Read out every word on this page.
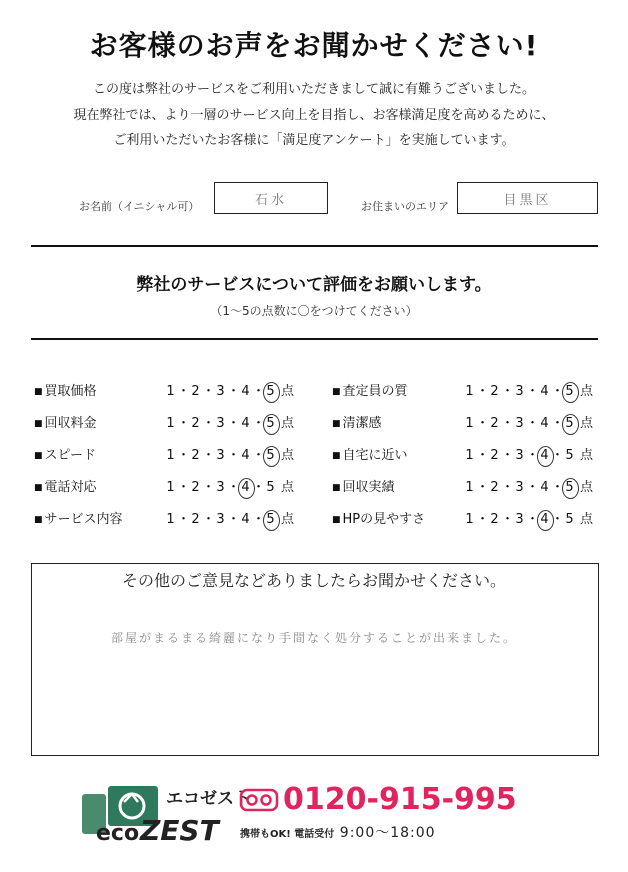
お客様のお声をお聞かせください!
この度は弊社のサービスをご利用いただきまして誠に有難うございました。
現在弊社では、より一層のサービス向上を目指し、お客様満足度を高めるために、
ご利用いただいたお客様に「満足度アンケート」を実施しています。
お名前（イニシャル可）	石水	お住まいのエリア	目黒区
弊社のサービスについて評価をお願いします。
（1〜5の点数に〇をつけてください）
■ 買取価格	1 ・2 ・3 ・4 ・5 点
■ 回収料金	1 ・2 ・3 ・4 ・5 点
■ スピード	1 ・2 ・3 ・4 ・5 点
■ 電話対応	1 ・2 ・3 ・4 ・5 点
■ サービス内容	1 ・2 ・3 ・4 ・5 点
■ 査定員の質	1 ・2 ・3 ・4 ・5 点
■ 清潔感	1 ・2 ・3 ・4 ・5 点
■ 自宅に近い	1 ・2 ・3 ・4 ・5 点
■ 回収実績	1 ・2 ・3 ・4 ・5 点
■ HPの見やすさ	1 ・2 ・3 ・4 ・5 点
その他のご意見などありましたらお聞かせください。
部屋がまるまる綺麗になり手間なく処分することが出来ました。
エコゼスト
eco ZEST
0120-915-995
携帯もOK! 電話受付 9:00〜18:00
